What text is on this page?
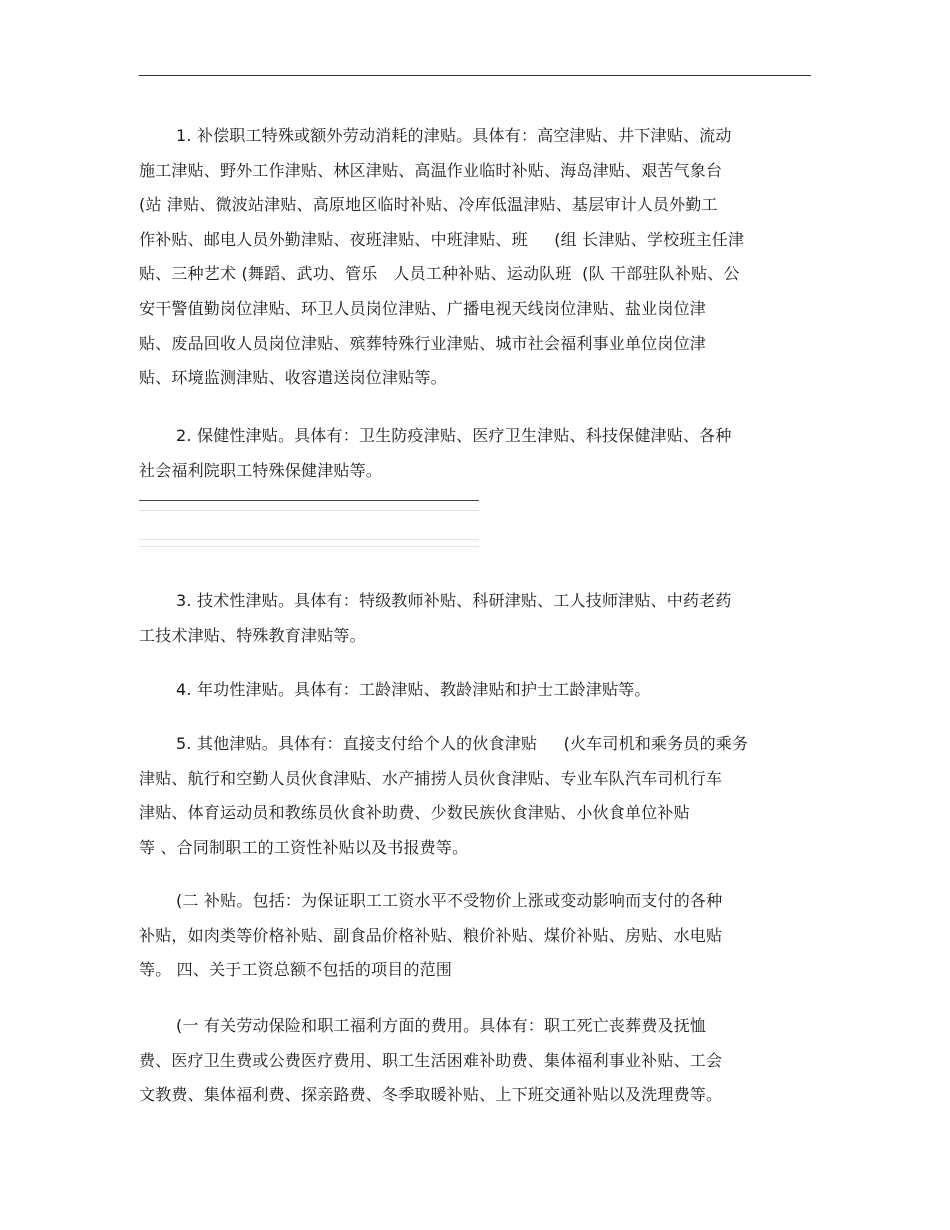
1. 补偿职工特殊或额外劳动消耗的津贴。具体有：高空津贴、井下津贴、流动
施工津贴、野外工作津贴、林区津贴、高温作业临时补贴、海岛津贴、艰苦气象台
(站 津贴、微波站津贴、高原地区临时补贴、冷库低温津贴、基层审计人员外勤工
作补贴、邮电人员外勤津贴、夜班津贴、中班津贴、班     (组 长津贴、学校班主任津
贴、三种艺术 (舞蹈、武功、管乐   人员工种补贴、运动队班  (队 干部驻队补贴、公
安干警值勤岗位津贴、环卫人员岗位津贴、广播电视天线岗位津贴、盐业岗位津
贴、废品回收人员岗位津贴、殡葬特殊行业津贴、城市社会福利事业单位岗位津
贴、环境监测津贴、收容遣送岗位津贴等。
2. 保健性津贴。具体有：卫生防疫津贴、医疗卫生津贴、科技保健津贴、各种
社会福利院职工特殊保健津贴等。
3. 技术性津贴。具体有：特级教师补贴、科研津贴、工人技师津贴、中药老药
工技术津贴、特殊教育津贴等。
4. 年功性津贴。具体有：工龄津贴、教龄津贴和护士工龄津贴等。
5. 其他津贴。具体有：直接支付给个人的伙食津贴     (火车司机和乘务员的乘务
津贴、航行和空勤人员伙食津贴、水产捕捞人员伙食津贴、专业车队汽车司机行车
津贴、体育运动员和教练员伙食补助费、少数民族伙食津贴、小伙食单位补贴
等 、合同制职工的工资性补贴以及书报费等。
(二 补贴。包括：为保证职工工资水平不受物价上涨或变动影响而支付的各种
补贴，如肉类等价格补贴、副食品价格补贴、粮价补贴、煤价补贴、房贴、水电贴
等。 四、关于工资总额不包括的项目的范围
(一 有关劳动保险和职工福利方面的费用。具体有：职工死亡丧葬费及抚恤
费、医疗卫生费或公费医疗费用、职工生活困难补助费、集体福利事业补贴、工会
文教费、集体福利费、探亲路费、冬季取暖补贴、上下班交通补贴以及洗理费等。
